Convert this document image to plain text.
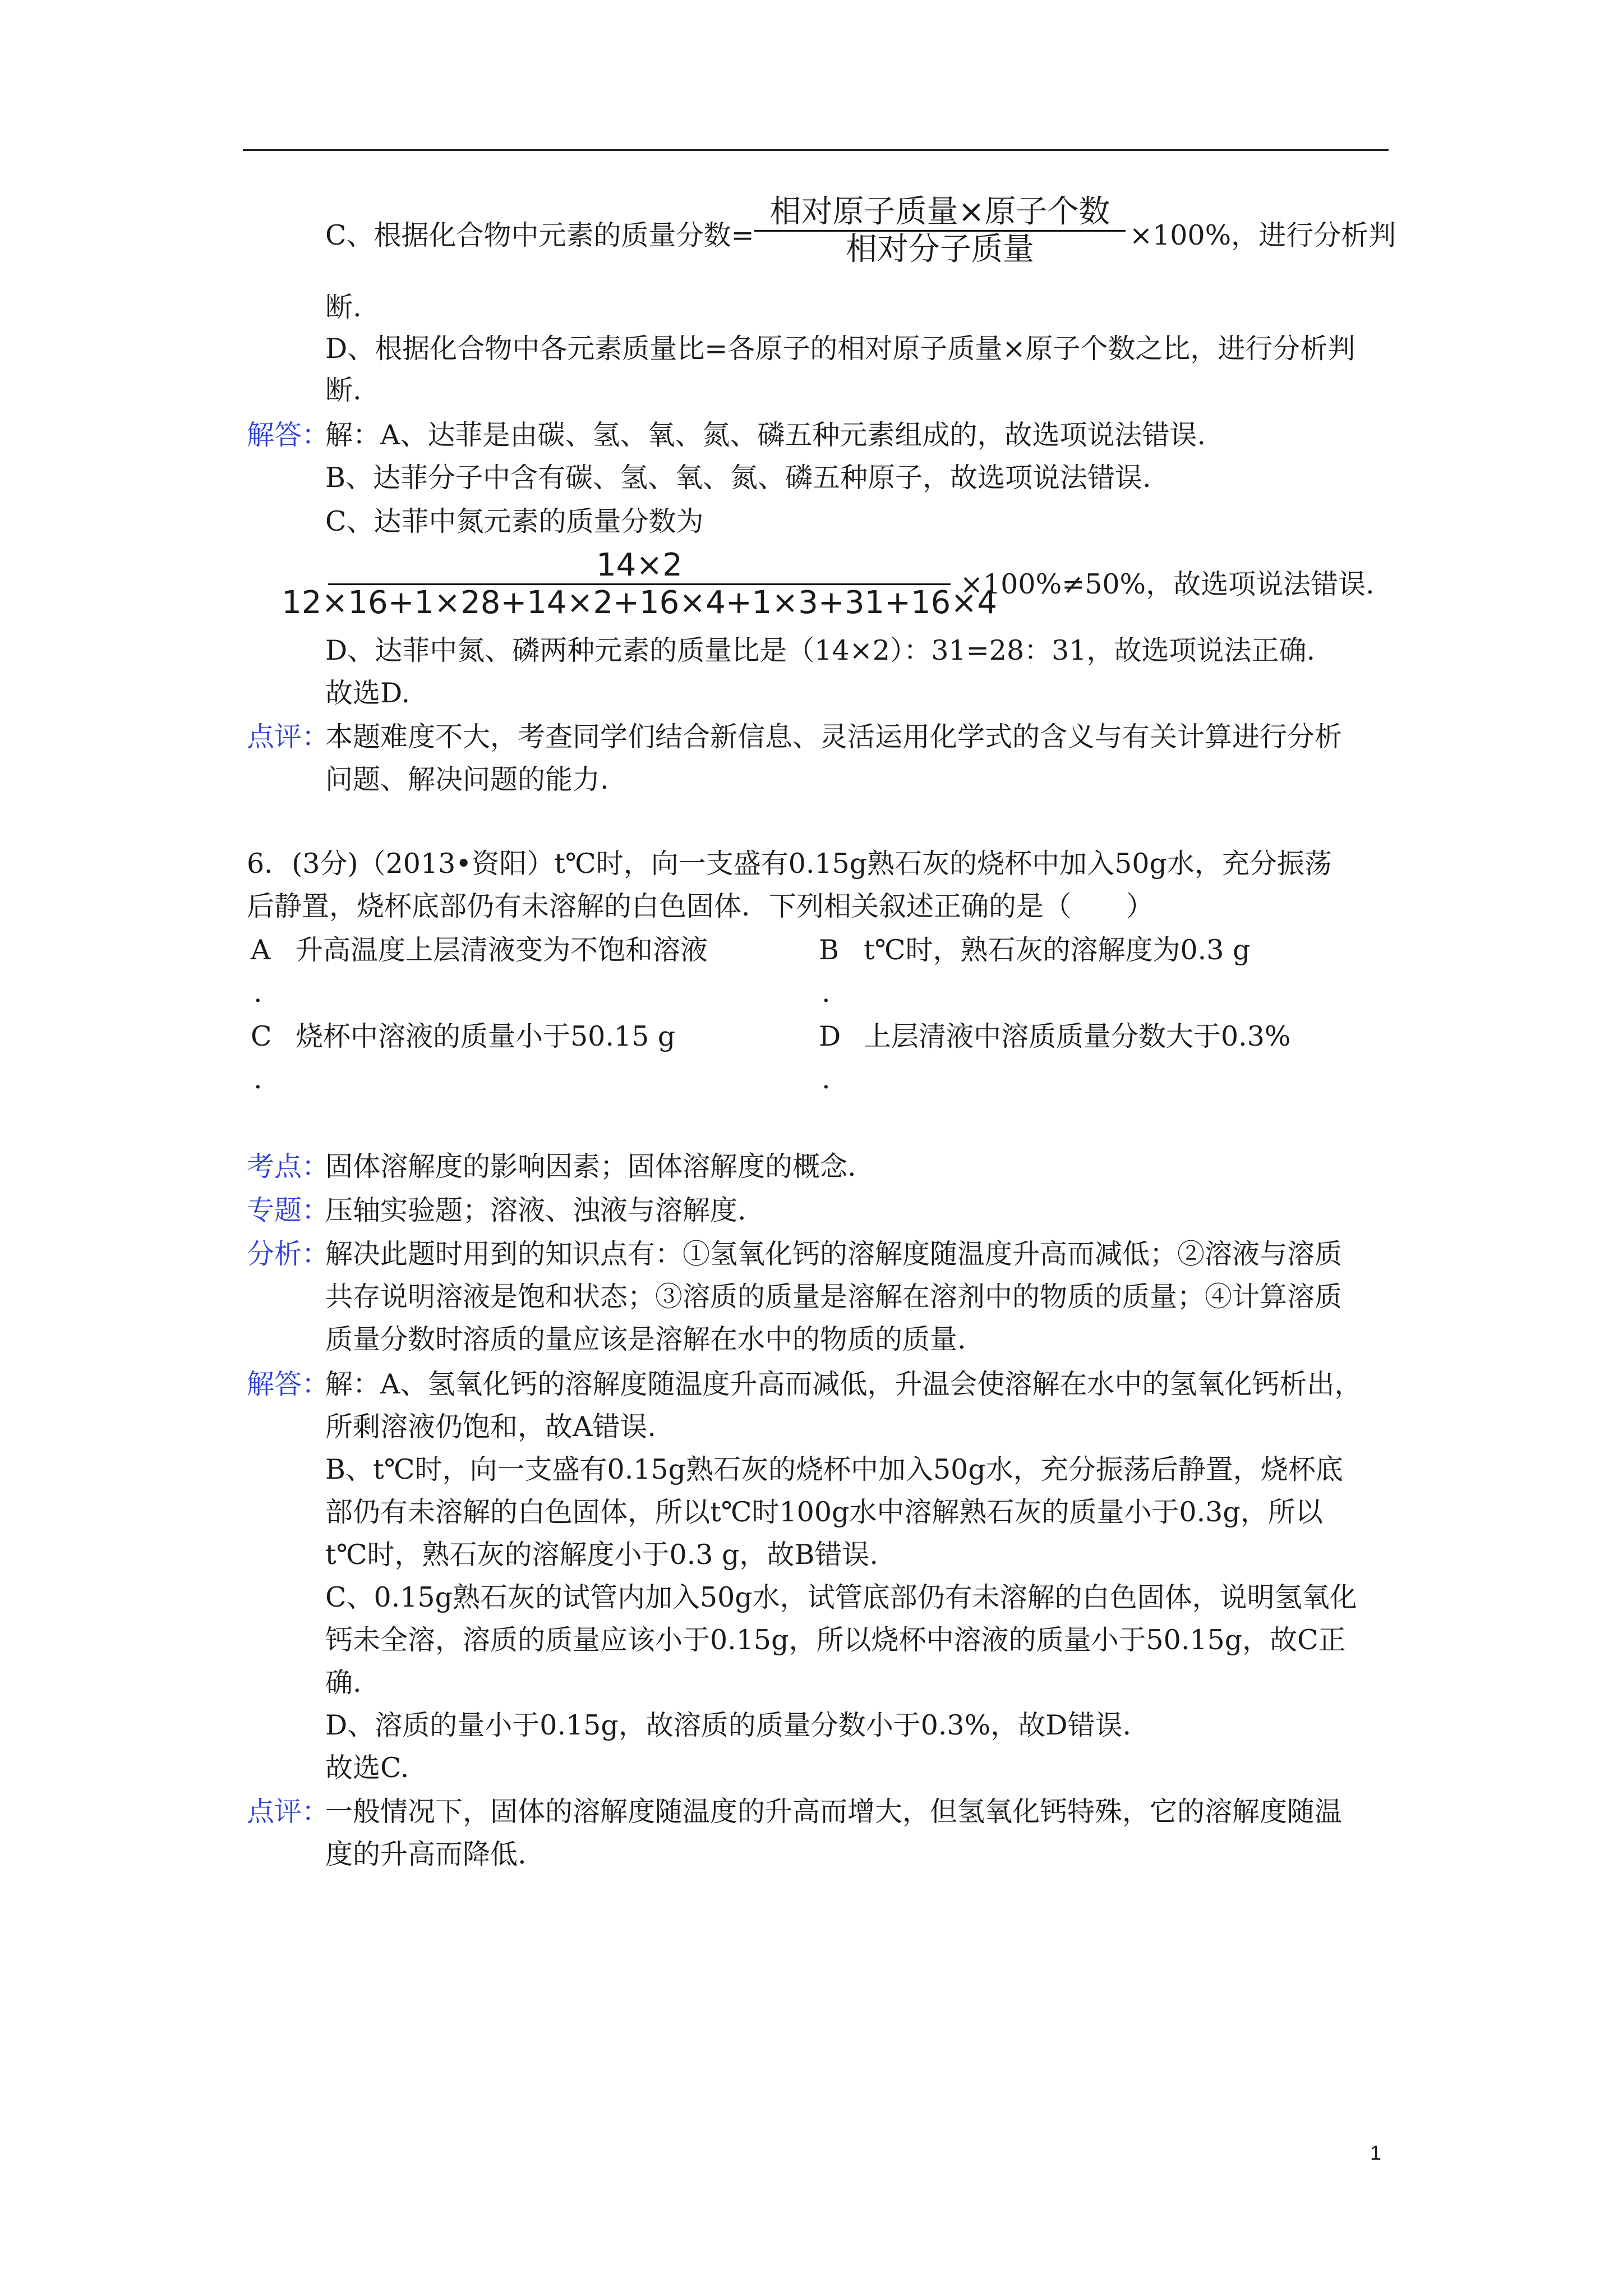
C、根据化合物中元素的质量分数=
相对原子质量×原子个数
相对分子质量	×100%，进行分析判
断.
D、根据化合物中各元素质量比=各原子的相对原子质量×原子个数之比，进行分析判
断.
解答：
解：A、达菲是由碳、氢、氧、氮、磷五种元素组成的，故选项说法错误.
B、达菲分子中含有碳、氢、氧、氮、磷五种原子，故选项说法错误.
C、达菲中氮元素的质量分数为
14×2
12×16+1×28+14×2+16×4+1×3+31+16×4
×100%≠50%，故选项说法错误.
D、达菲中氮、磷两种元素的质量比是（14×2）：31=28：31，故选项说法正确.
故选D.
点评：
本题难度不大，考查同学们结合新信息、灵活运用化学式的含义与有关计算进行分析
问题、解决问题的能力.
6．(3分)（2013•资阳）t℃时，向一支盛有0.15g熟石灰的烧杯中加入50g水，充分振荡
后静置，烧杯底部仍有未溶解的白色固体．下列相关叙述正确的是（　　）
A 升高温度上层清液变为不饱和溶液
.
B t℃时，熟石灰的溶解度为0.3 g
.
C 烧杯中溶液的质量小于50.15 g
.
D 上层清液中溶质质量分数大于0.3%
.
考点：
固体溶解度的影响因素；固体溶解度的概念.
专题：
压轴实验题；溶液、浊液与溶解度.
分析：
解决此题时用到的知识点有：①氢氧化钙的溶解度随温度升高而减低；②溶液与溶质
共存说明溶液是饱和状态；③溶质的质量是溶解在溶剂中的物质的质量；④计算溶质
质量分数时溶质的量应该是溶解在水中的物质的质量.
解答：
解：A、氢氧化钙的溶解度随温度升高而减低，升温会使溶解在水中的氢氧化钙析出，
所剩溶液仍饱和，故A错误.
B、t℃时，向一支盛有0.15g熟石灰的烧杯中加入50g水，充分振荡后静置，烧杯底
部仍有未溶解的白色固体，所以t℃时100g水中溶解熟石灰的质量小于0.3g，所以
t℃时，熟石灰的溶解度小于0.3 g，故B错误.
C、0.15g熟石灰的试管内加入50g水，试管底部仍有未溶解的白色固体，说明氢氧化
钙未全溶，溶质的质量应该小于0.15g，所以烧杯中溶液的质量小于50.15g，故C正
确.
D、溶质的量小于0.15g，故溶质的质量分数小于0.3%，故D错误.
故选C.
点评：
一般情况下，固体的溶解度随温度的升高而增大，但氢氧化钙特殊，它的溶解度随温
度的升高而降低.
1
